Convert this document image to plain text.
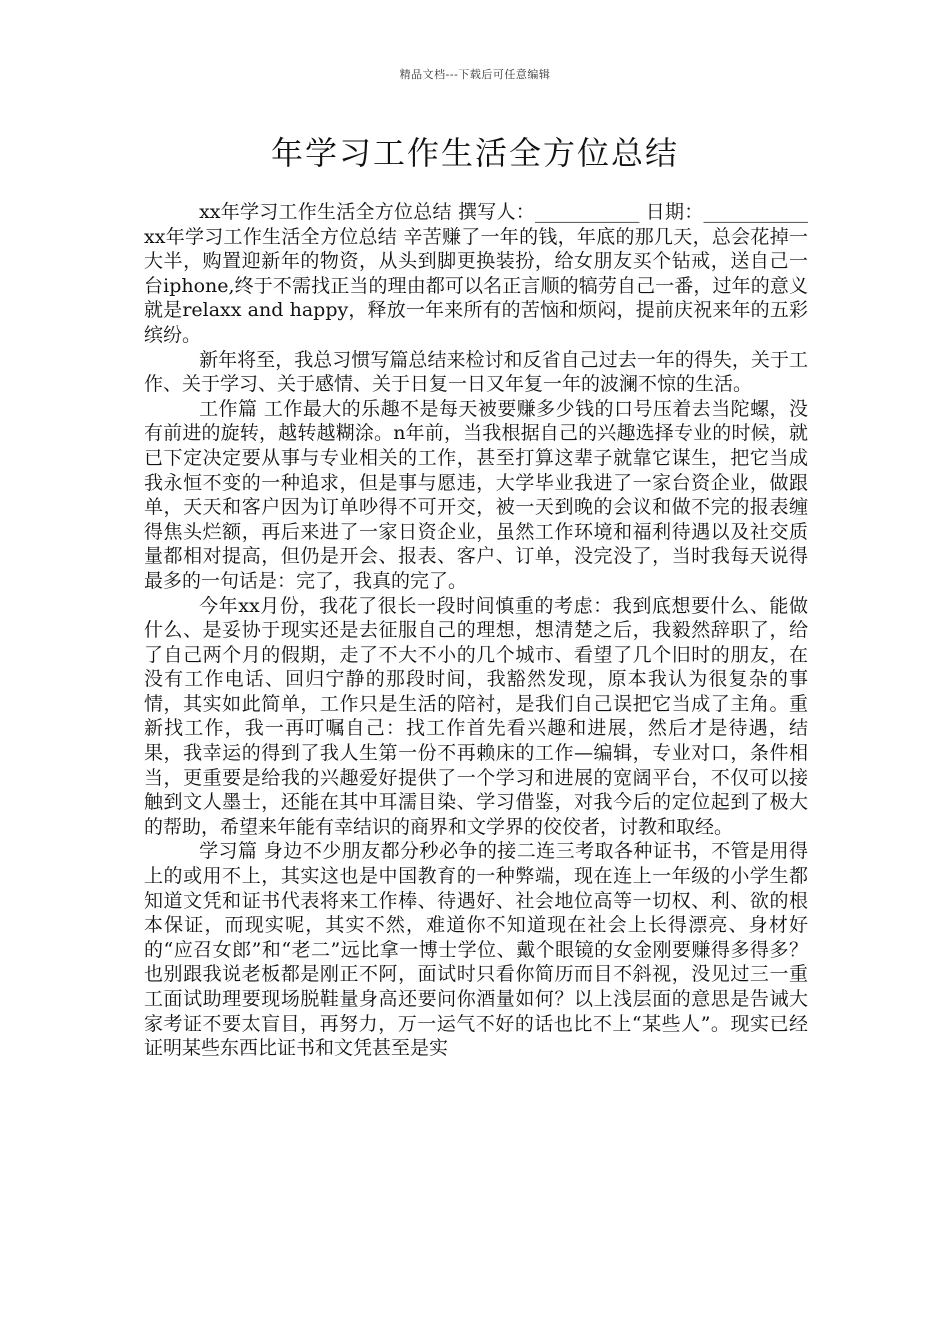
精品文档---下载后可任意编辑
年学习工作生活全方位总结

xx年学习工作生活全方位总结 撰写人：___________ 日期：___________ xx年学习工作生活全方位总结 辛苦赚了一年的钱，年底的那几天，总会花掉一大半，购置迎新年的物资，从头到脚更换装扮，给女朋友买个钻戒，送自己一台iphone,终于不需找正当的理由都可以名正言顺的犒劳自己一番，过年的意义就是relaxx and happy，释放一年来所有的苦恼和烦闷，提前庆祝来年的五彩缤纷。

新年将至，我总习惯写篇总结来检讨和反省自己过去一年的得失，关于工作、关于学习、关于感情、关于日复一日又年复一年的波澜不惊的生活。

工作篇 工作最大的乐趣不是每天被要赚多少钱的口号压着去当陀螺，没有前进的旋转，越转越糊涂。n年前，当我根据自己的兴趣选择专业的时候，就已下定决定要从事与专业相关的工作，甚至打算这辈子就靠它谋生，把它当成我永恒不变的一种追求，但是事与愿违，大学毕业我进了一家台资企业，做跟单，天天和客户因为订单吵得不可开交，被一天到晚的会议和做不完的报表缠得焦头烂额，再后来进了一家日资企业，虽然工作环境和福利待遇以及社交质量都相对提高，但仍是开会、报表、客户、订单，没完没了，当时我每天说得最多的一句话是：完了，我真的完了。

今年xx月份，我花了很长一段时间慎重的考虑：我到底想要什么、能做什么、是妥协于现实还是去征服自己的理想，想清楚之后，我毅然辞职了，给了自己两个月的假期，走了不大不小的几个城市、看望了几个旧时的朋友，在没有工作电话、回归宁静的那段时间，我豁然发现，原本我认为很复杂的事情，其实如此简单，工作只是生活的陪衬，是我们自己误把它当成了主角。重新找工作，我一再叮嘱自己：找工作首先看兴趣和进展，然后才是待遇，结果，我幸运的得到了我人生第一份不再赖床的工作—编辑，专业对口，条件相当，更重要是给我的兴趣爱好提供了一个学习和进展的宽阔平台，不仅可以接触到文人墨士，还能在其中耳濡目染、学习借鉴，对我今后的定位起到了极大的帮助，希望来年能有幸结识的商界和文学界的佼佼者，讨教和取经。

学习篇 身边不少朋友都分秒必争的接二连三考取各种证书，不管是用得上的或用不上，其实这也是中国教育的一种弊端，现在连上一年级的小学生都知道文凭和证书代表将来工作棒、待遇好、社会地位高等一切权、利、欲的根本保证，而现实呢，其实不然，难道你不知道现在社会上长得漂亮、身材好的“应召女郎”和“老二”远比拿一博士学位、戴个眼镜的女金刚要赚得多得多？也别跟我说老板都是刚正不阿，面试时只看你简历而目不斜视，没见过三一重工面试助理要现场脱鞋量身高还要问你酒量如何？以上浅层面的意思是告诫大家考证不要太盲目，再努力，万一运气不好的话也比不上“某些人”。现实已经证明某些东西比证书和文凭甚至是实
